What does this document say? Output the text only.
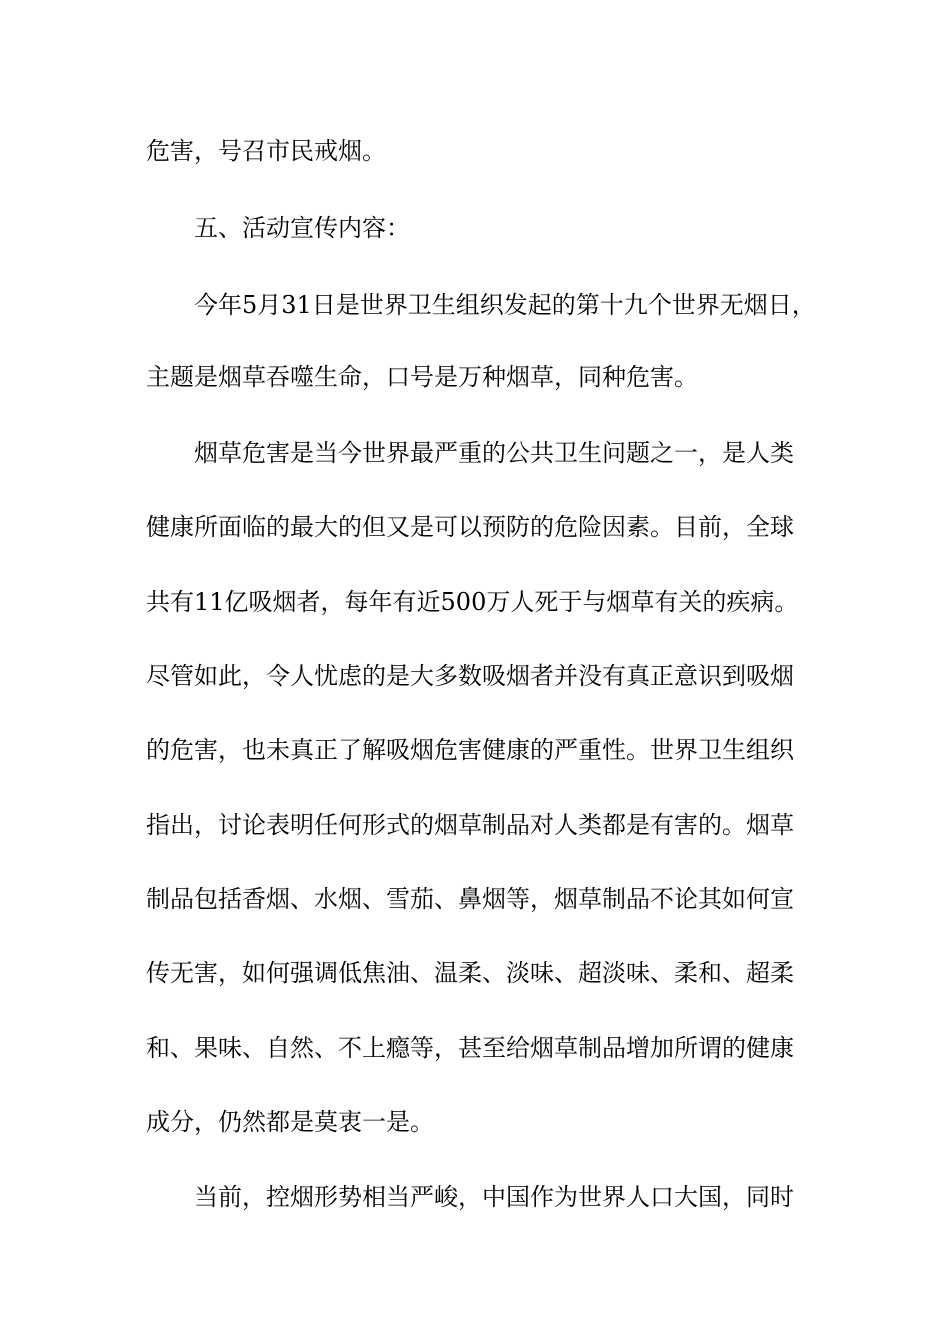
危害，号召市民戒烟。
五、活动宣传内容：
今年5月31日是世界卫生组织发起的第十九个世界无烟日，
主题是烟草吞噬生命，口号是万种烟草，同种危害。
烟草危害是当今世界最严重的公共卫生问题之一，是人类
健康所面临的最大的但又是可以预防的危险因素。目前，全球
共有11亿吸烟者，每年有近500万人死于与烟草有关的疾病。
尽管如此，令人忧虑的是大多数吸烟者并没有真正意识到吸烟
的危害，也未真正了解吸烟危害健康的严重性。世界卫生组织
指出，讨论表明任何形式的烟草制品对人类都是有害的。烟草
制品包括香烟、水烟、雪茄、鼻烟等，烟草制品不论其如何宣
传无害，如何强调低焦油、温柔、淡味、超淡味、柔和、超柔
和、果味、自然、不上瘾等，甚至给烟草制品增加所谓的健康
成分，仍然都是莫衷一是。
当前，控烟形势相当严峻，中国作为世界人口大国，同时
